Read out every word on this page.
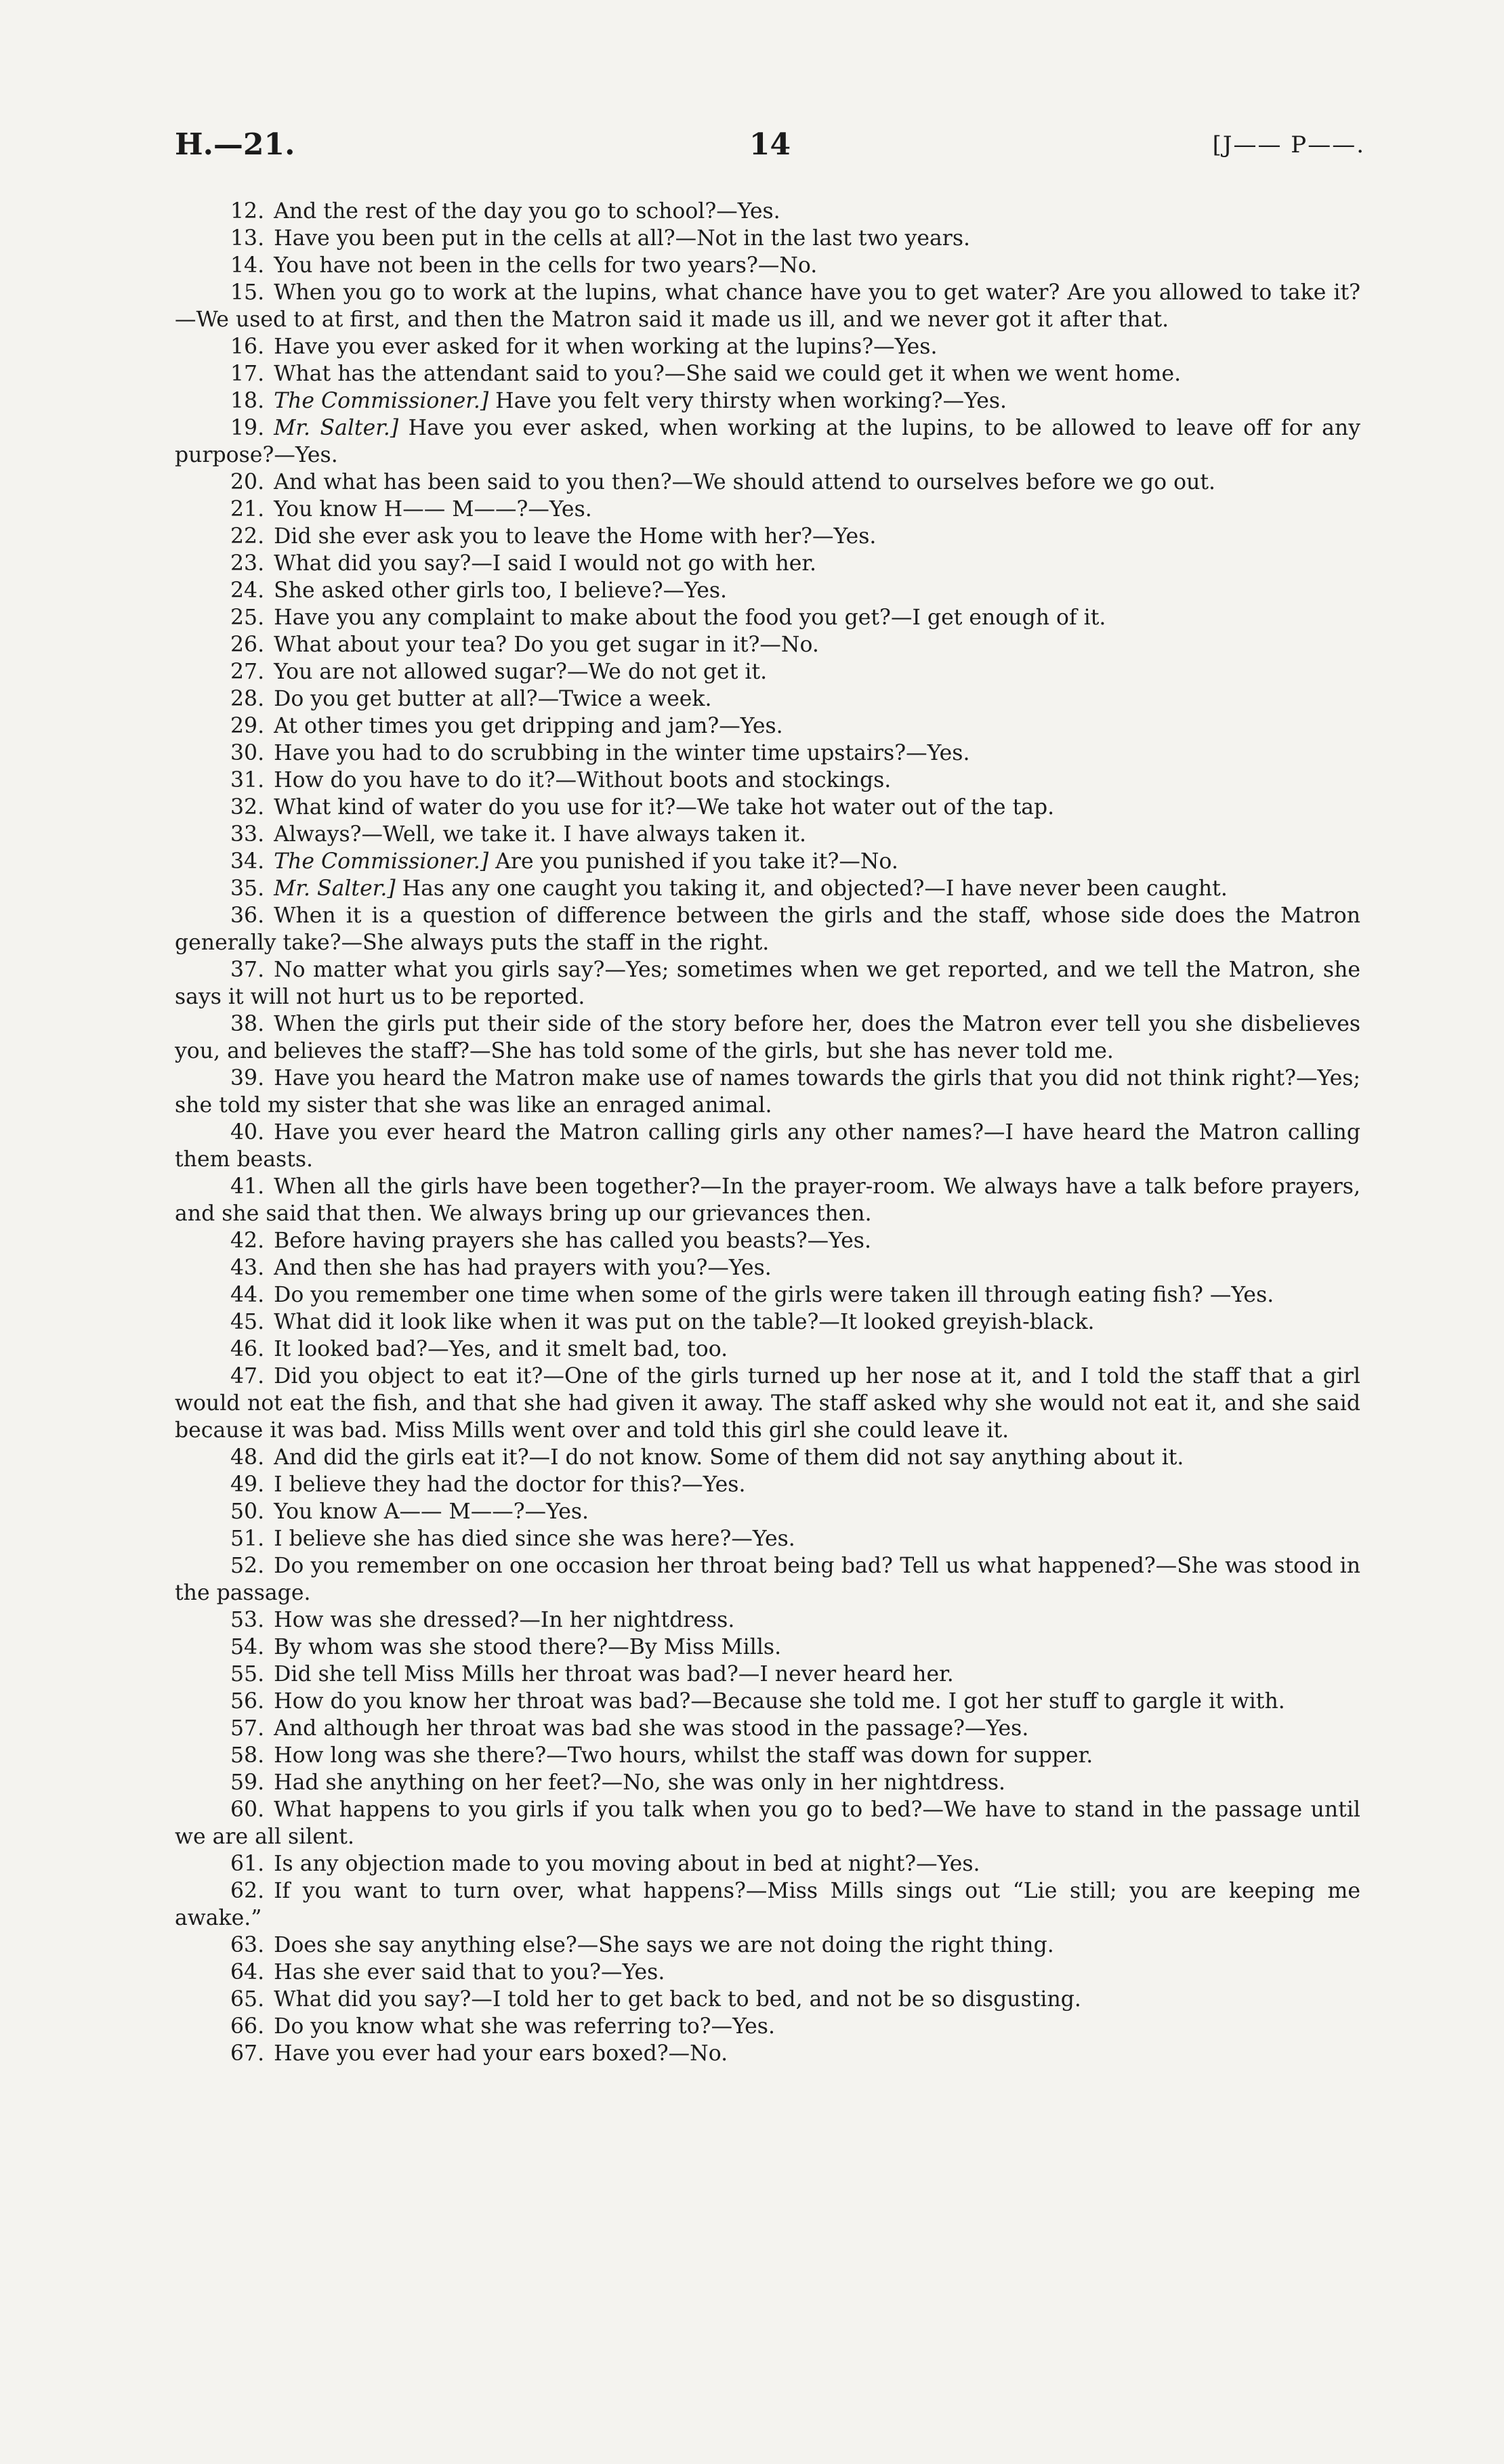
H.—21.	14	[J—— P——.

12. And the rest of the day you go to school?—Yes.

13. Have you been put in the cells at all?—Not in the last two years.

14. You have not been in the cells for two years?—No.

15. When you go to work at the lupins, what chance have you to get water? Are you allowed to take it?—We used to at first, and then the Matron said it made us ill, and we never got it after that.

16. Have you ever asked for it when working at the lupins?—Yes.

17. What has the attendant said to you?—She said we could get it when we went home.

18. The Commissioner.] Have you felt very thirsty when working?—Yes.

19. Mr. Salter.] Have you ever asked, when working at the lupins, to be allowed to leave off for any purpose?—Yes.

20. And what has been said to you then?—We should attend to ourselves before we go out.

21. You know H—— M——?—Yes.

22. Did she ever ask you to leave the Home with her?—Yes.

23. What did you say?—I said I would not go with her.

24. She asked other girls too, I believe?—Yes.

25. Have you any complaint to make about the food you get?—I get enough of it.

26. What about your tea? Do you get sugar in it?—No.

27. You are not allowed sugar?—We do not get it.

28. Do you get butter at all?—Twice a week.

29. At other times you get dripping and jam?—Yes.

30. Have you had to do scrubbing in the winter time upstairs?—Yes.

31. How do you have to do it?—Without boots and stockings.

32. What kind of water do you use for it?—We take hot water out of the tap.

33. Always?—Well, we take it. I have always taken it.

34. The Commissioner.] Are you punished if you take it?—No.

35. Mr. Salter.] Has any one caught you taking it, and objected?—I have never been caught.

36. When it is a question of difference between the girls and the staff, whose side does the Matron generally take?—She always puts the staff in the right.

37. No matter what you girls say?—Yes; sometimes when we get reported, and we tell the Matron, she says it will not hurt us to be reported.

38. When the girls put their side of the story before her, does the Matron ever tell you she disbelieves you, and believes the staff?—She has told some of the girls, but she has never told me.

39. Have you heard the Matron make use of names towards the girls that you did not think right?—Yes; she told my sister that she was like an enraged animal.

40. Have you ever heard the Matron calling girls any other names?—I have heard the Matron calling them beasts.

41. When all the girls have been together?—In the prayer-room. We always have a talk before prayers, and she said that then. We always bring up our grievances then.

42. Before having prayers she has called you beasts?—Yes.

43. And then she has had prayers with you?—Yes.

44. Do you remember one time when some of the girls were taken ill through eating fish? —Yes.

45. What did it look like when it was put on the table?—It looked greyish-black.

46. It looked bad?—Yes, and it smelt bad, too.

47. Did you object to eat it?—One of the girls turned up her nose at it, and I told the staff that a girl would not eat the fish, and that she had given it away. The staff asked why she would not eat it, and she said because it was bad. Miss Mills went over and told this girl she could leave it.

48. And did the girls eat it?—I do not know. Some of them did not say anything about it.

49. I believe they had the doctor for this?—Yes.

50. You know A—— M——?—Yes.

51. I believe she has died since she was here?—Yes.

52. Do you remember on one occasion her throat being bad? Tell us what happened?—She was stood in the passage.

53. How was she dressed?—In her nightdress.

54. By whom was she stood there?—By Miss Mills.

55. Did she tell Miss Mills her throat was bad?—I never heard her.

56. How do you know her throat was bad?—Because she told me. I got her stuff to gargle it with.

57. And although her throat was bad she was stood in the passage?—Yes.

58. How long was she there?—Two hours, whilst the staff was down for supper.

59. Had she anything on her feet?—No, she was only in her nightdress.

60. What happens to you girls if you talk when you go to bed?—We have to stand in the passage until we are all silent.

61. Is any objection made to you moving about in bed at night?—Yes.

62. If you want to turn over, what happens?—Miss Mills sings out “Lie still; you are keeping me awake.”

63. Does she say anything else?—She says we are not doing the right thing.

64. Has she ever said that to you?—Yes.

65. What did you say?—I told her to get back to bed, and not be so disgusting.

66. Do you know what she was referring to?—Yes.

67. Have you ever had your ears boxed?—No.
